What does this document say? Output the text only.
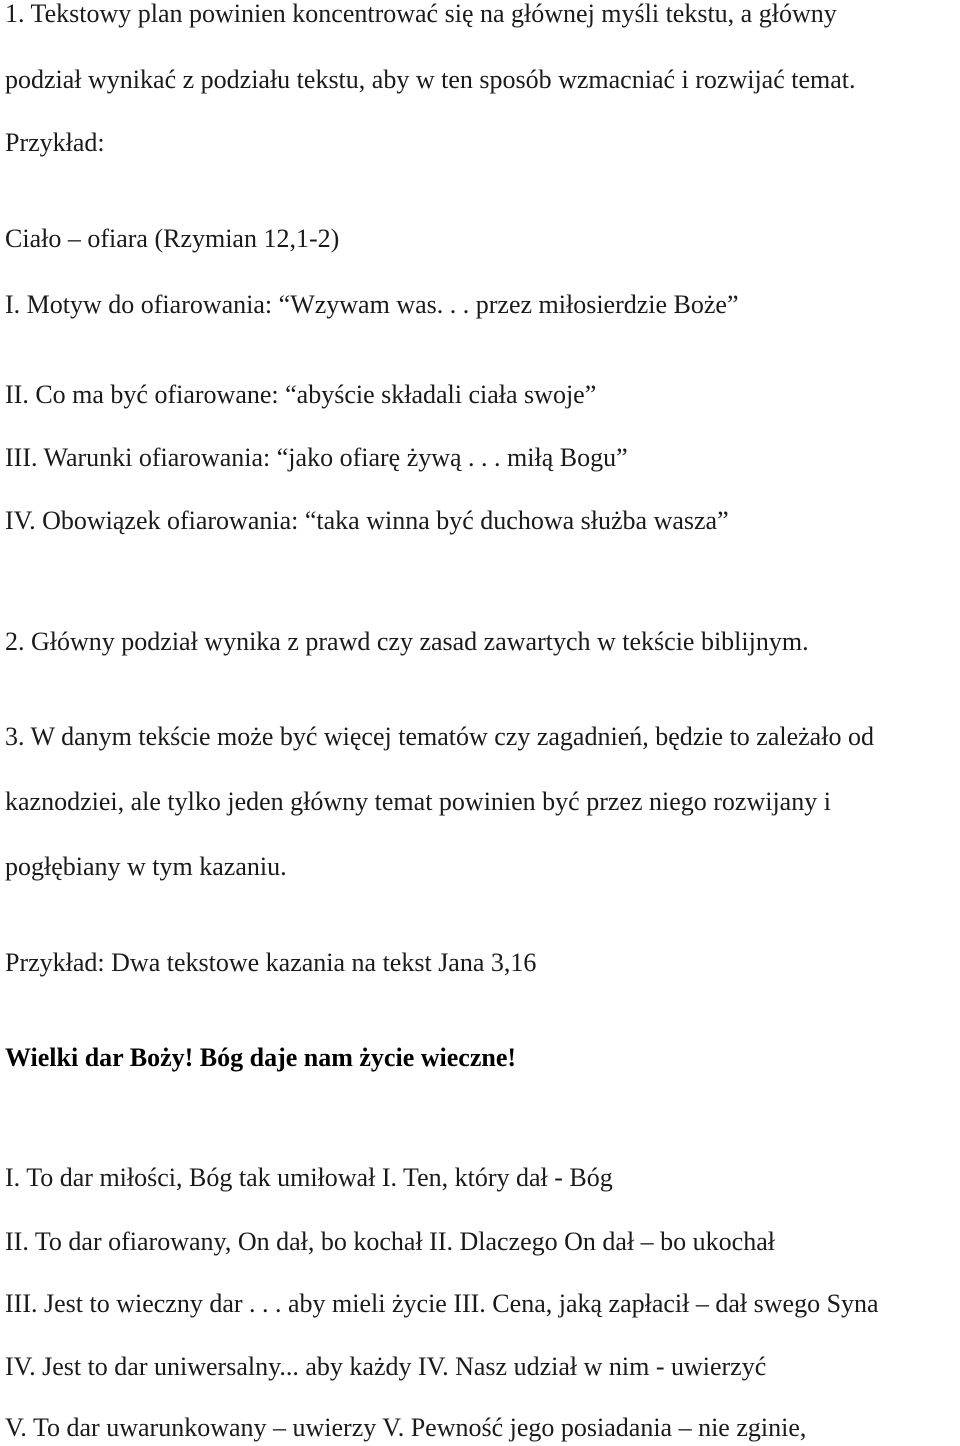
1. Tekstowy plan powinien koncentrować się na głównej myśli tekstu, a główny
podział wynikać z podziału tekstu, aby w ten sposób wzmacniać i rozwijać temat.
Przykład:
Ciało – ofiara (Rzymian 12,1-2)
I. Motyw do ofiarowania: “Wzywam was. . . przez miłosierdzie Boże”
II. Co ma być ofiarowane: “abyście składali ciała swoje”
III. Warunki ofiarowania: “jako ofiarę żywą . . . miłą Bogu”
IV. Obowiązek ofiarowania: “taka winna być duchowa służba wasza”
2. Główny podział wynika z prawd czy zasad zawartych w tekście biblijnym.
3. W danym tekście może być więcej tematów czy zagadnień, będzie to zależało od
kaznodziei, ale tylko jeden główny temat powinien być przez niego rozwijany i
pogłębiany w tym kazaniu.
Przykład: Dwa tekstowe kazania na tekst Jana 3,16
Wielki dar Boży! Bóg daje nam życie wieczne!
I. To dar miłości, Bóg tak umiłował I. Ten, który dał - Bóg
II. To dar ofiarowany, On dał, bo kochał II. Dlaczego On dał – bo ukochał
III. Jest to wieczny dar . . . aby mieli życie III. Cena, jaką zapłacił – dał swego Syna
IV. Jest to dar uniwersalny... aby każdy IV. Nasz udział w nim - uwierzyć
V. To dar uwarunkowany – uwierzy V. Pewność jego posiadania – nie zginie,
